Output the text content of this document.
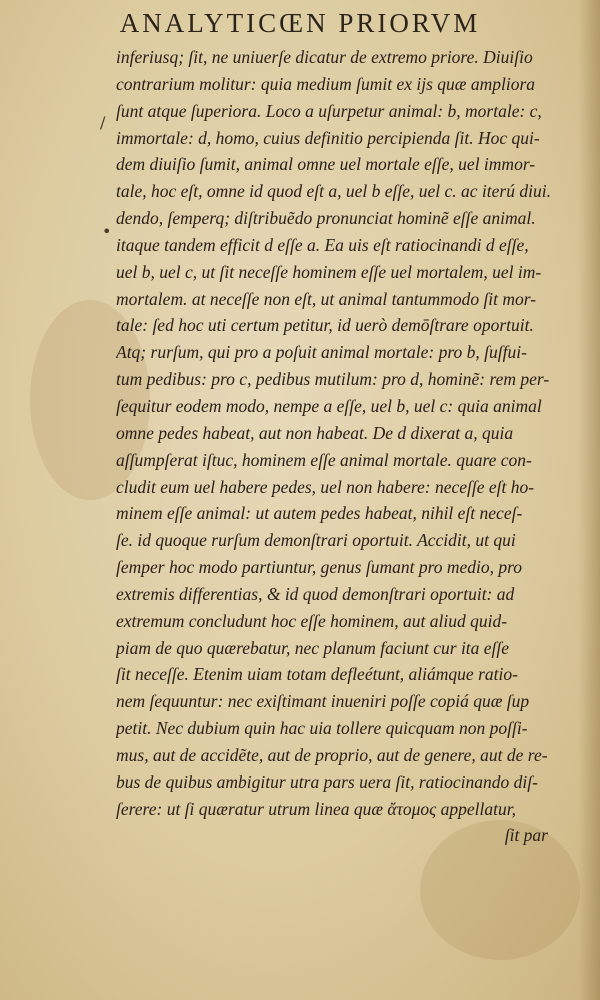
ANALYTICŒN PRIORVM
/
•
inferiusq; ſit, ne uniuerſe dicatur de extremo priore. Diuiſio
contrarium molitur: quia medium ſumit ex ijs quæ ampliora
ſunt atque ſuperiora. Loco a uſurpetur animal: b, mortale: c,
immortale: d, homo, cuius definitio percipienda ſit. Hoc qui-
dem diuiſio ſumit, animal omne uel mortale eſſe, uel immor-
tale, hoc eſt, omne id quod eſt a, uel b eſſe, uel c. ac iterú diui.
dendo, ſemperq; diſtribuẽdo pronunciat hominẽ eſſe animal.
itaque tandem efficit d eſſe a. Ea uis eſt ratiocinandi d eſſe,
uel b, uel c, ut ſit neceſſe hominem eſſe uel mortalem, uel im-
mortalem. at neceſſe non eſt, ut animal tantummodo ſit mor-
tale: ſed hoc uti certum petitur, id uerò demōſtrare oportuit.
Atq; rurſum, qui pro a poſuit animal mortale: pro b, ſuſfui-
tum pedibus: pro c, pedibus mutilum: pro d, hominẽ: rem per-
ſequitur eodem modo, nempe a eſſe, uel b, uel c: quia animal
omne pedes habeat, aut non habeat. De d dixerat a, quia
aſſumpſerat iſtuc, hominem eſſe animal mortale. quare con-
cludit eum uel habere pedes, uel non habere: neceſſe eſt ho-
minem eſſe animal: ut autem pedes habeat, nihil eſt neceſ-
ſe. id quoque rurſum demonſtrari oportuit. Accidit, ut qui
ſemper hoc modo partiuntur, genus ſumant pro medio, pro
extremis differentias, & id quod demonſtrari oportuit: ad
extremum concludunt hoc eſſe hominem, aut aliud quid-
piam de quo quærebatur, nec planum faciunt cur ita eſſe
ſit neceſſe. Etenim uiam totam defleétunt, aliámque ratio-
nem ſequuntur: nec exiſtimant inueniri poſſe copiá quæ ſup
petit. Nec dubium quin hac uia tollere quicquam non poſſi-
mus, aut de accidẽte, aut de proprio, aut de genere, aut de re-
bus de quibus ambigitur utra pars uera ſit, ratiocinando diſ-
ſerere: ut ſi quæratur utrum linea quæ ἄτομος appellatur,
ſit par
